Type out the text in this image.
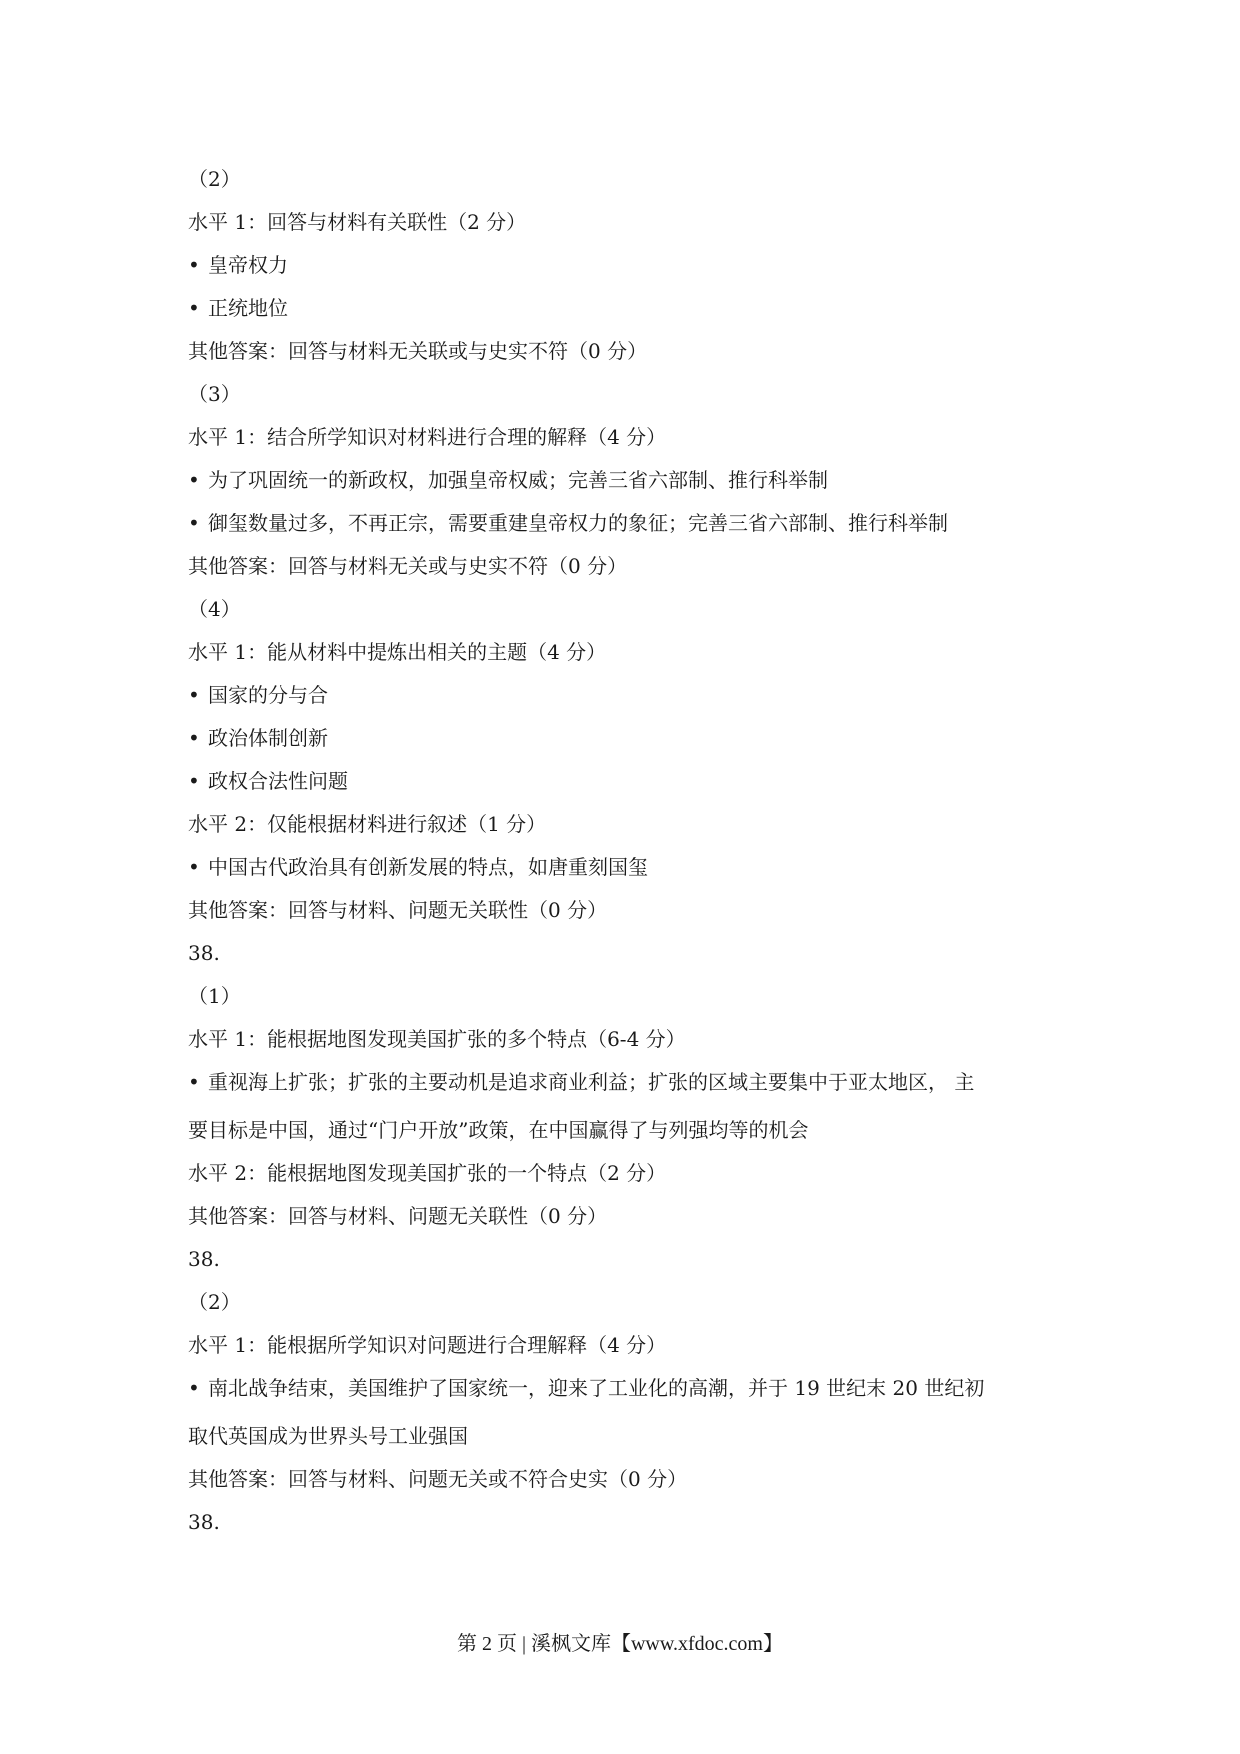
（2）
水平 1：回答与材料有关联性（2 分）
• 皇帝权力
• 正统地位
其他答案：回答与材料无关联或与史实不符（0 分）
（3）
水平 1：结合所学知识对材料进行合理的解释（4 分）
• 为了巩固统一的新政权，加强皇帝权威；完善三省六部制、推行科举制
• 御玺数量过多，不再正宗，需要重建皇帝权力的象征；完善三省六部制、推行科举制
其他答案：回答与材料无关或与史实不符（0 分）
（4）
水平 1：能从材料中提炼出相关的主题（4 分）
• 国家的分与合
• 政治体制创新
• 政权合法性问题
水平 2：仅能根据材料进行叙述（1 分）
• 中国古代政治具有创新发展的特点，如唐重刻国玺
其他答案：回答与材料、问题无关联性（0 分）
38.
（1）
水平 1：能根据地图发现美国扩张的多个特点（6-4 分）
• 重视海上扩张；扩张的主要动机是追求商业利益；扩张的区域主要集中于亚太地区， 主
要目标是中国，通过“门户开放”政策，在中国赢得了与列强均等的机会
水平 2：能根据地图发现美国扩张的一个特点（2 分）
其他答案：回答与材料、问题无关联性（0 分）
38.
（2）
水平 1：能根据所学知识对问题进行合理解释（4 分）
• 南北战争结束，美国维护了国家统一，迎来了工业化的高潮，并于 19 世纪末 20 世纪初
取代英国成为世界头号工业强国
其他答案：回答与材料、问题无关或不符合史实（0 分）
38.
第 2 页 | 溪枫文库【www.xfdoc.com】
